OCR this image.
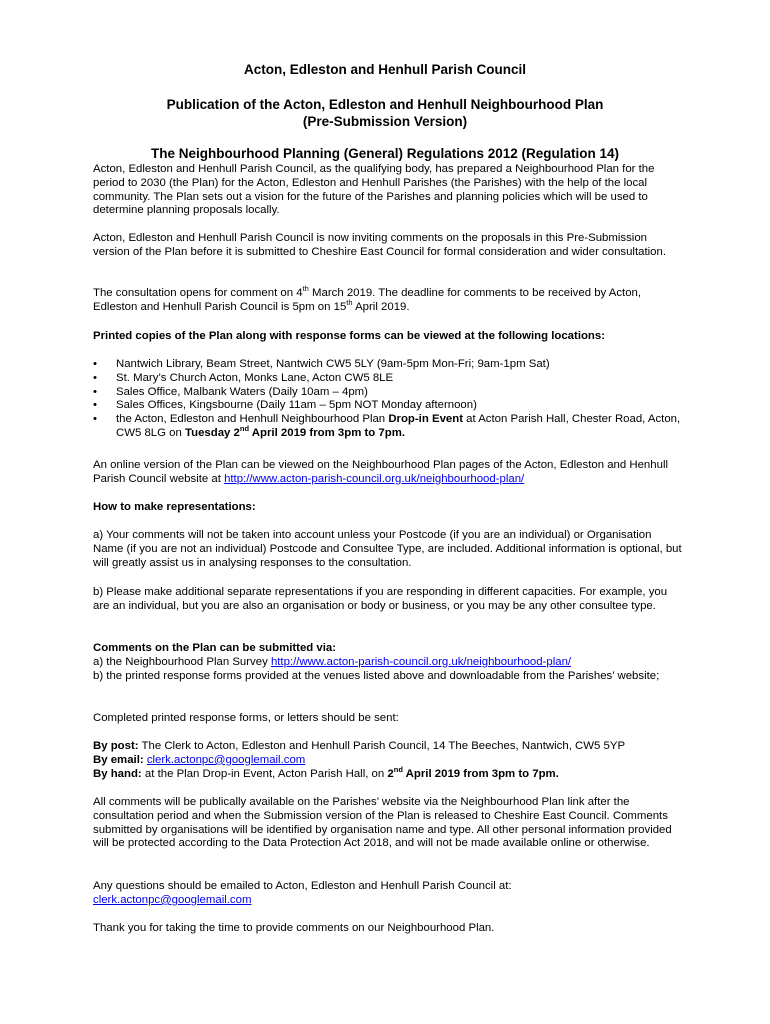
Acton, Edleston and Henhull Parish Council
Publication of the Acton, Edleston and Henhull Neighbourhood Plan
(Pre-Submission Version)
The Neighbourhood Planning (General) Regulations 2012 (Regulation 14)

Acton, Edleston and Henhull Parish Council, as the qualifying body, has prepared a Neighbourhood Plan for the period to 2030 (the Plan) for the Acton, Edleston and Henhull Parishes (the Parishes) with the help of the local community. The Plan sets out a vision for the future of the Parishes and planning policies which will be used to determine planning proposals locally.

Acton, Edleston and Henhull Parish Council is now inviting comments on the proposals in this Pre-Submission version of the Plan before it is submitted to Cheshire East Council for formal consideration and wider consultation.

The consultation opens for comment on 4th March 2019. The deadline for comments to be received by Acton, Edleston and Henhull Parish Council is 5pm on 15th April 2019.

Printed copies of the Plan along with response forms can be viewed at the following locations:
• Nantwich Library, Beam Street, Nantwich CW5 5LY (9am-5pm Mon-Fri; 9am-1pm Sat)
• St. Mary’s Church Acton, Monks Lane, Acton CW5 8LE
• Sales Office, Malbank Waters (Daily 10am – 4pm)
• Sales Offices, Kingsbourne (Daily 11am – 5pm NOT Monday afternoon)
• the Acton, Edleston and Henhull Neighbourhood Plan Drop-in Event at Acton Parish Hall, Chester Road, Acton, CW5 8LG on Tuesday 2nd April 2019 from 3pm to 7pm.

An online version of the Plan can be viewed on the Neighbourhood Plan pages of the Acton, Edleston and Henhull Parish Council website at http://www.acton-parish-council.org.uk/neighbourhood-plan/

How to make representations:

a) Your comments will not be taken into account unless your Postcode (if you are an individual) or Organisation Name (if you are not an individual) Postcode and Consultee Type, are included. Additional information is optional, but will greatly assist us in analysing responses to the consultation.

b) Please make additional separate representations if you are responding in different capacities. For example, you are an individual, but you are also an organisation or body or business, or you may be any other consultee type.

Comments on the Plan can be submitted via:

a) the Neighbourhood Plan Survey http://www.acton-parish-council.org.uk/neighbourhood-plan/

b) the printed response forms provided at the venues listed above and downloadable from the Parishes’ website;

Completed printed response forms, or letters should be sent:

By post: The Clerk to Acton, Edleston and Henhull Parish Council, 14 The Beeches, Nantwich, CW5 5YP

By email: clerk.actonpc@googlemail.com

By hand: at the Plan Drop-in Event, Acton Parish Hall, on 2nd April 2019 from 3pm to 7pm.

All comments will be publically available on the Parishes’ website via the Neighbourhood Plan link after the consultation period and when the Submission version of the Plan is released to Cheshire East Council. Comments submitted by organisations will be identified by organisation name and type. All other personal information provided will be protected according to the Data Protection Act 2018, and will not be made available online or otherwise.

Any questions should be emailed to Acton, Edleston and Henhull Parish Council at:

clerk.actonpc@googlemail.com

Thank you for taking the time to provide comments on our Neighbourhood Plan.
